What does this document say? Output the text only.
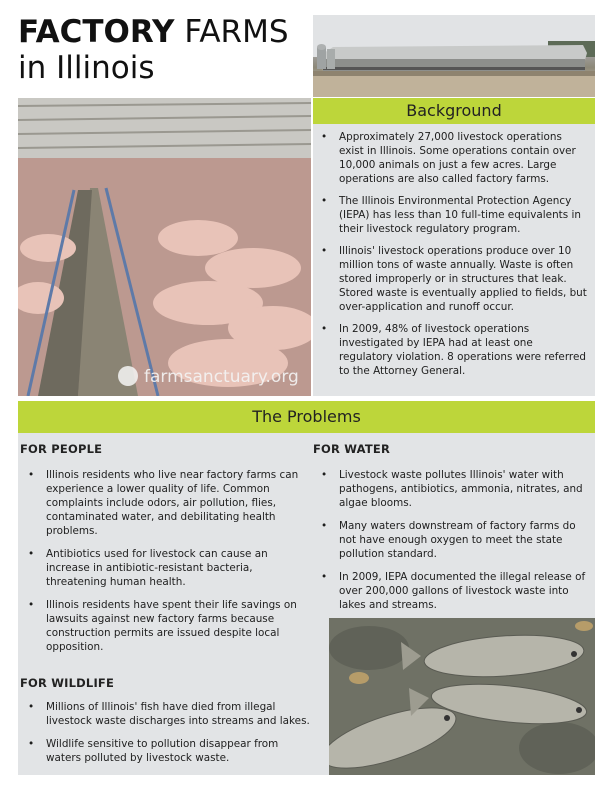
FACTORY FARMS
in Illinois
farmsanctuary.org
Background
• Approximately 27,000 livestock operations exist in Illinois. Some operations contain over 10,000 animals on just a few acres. Large operations are also called factory farms.
• The Illinois Environmental Protection Agency (IEPA) has less than 10 full-time equivalents in their livestock regulatory program.
• Illinois' livestock operations produce over 10 million tons of waste annually. Waste is often stored improperly or in structures that leak. Stored waste is eventually applied to fields, but over-application and runoff occur.
• In 2009, 48% of livestock operations investigated by IEPA had at least one regulatory violation. 8 operations were referred to the Attorney General.
The Problems
FOR PEOPLE
• Illinois residents who live near factory farms can experience a lower quality of life. Common complaints include odors, air pollution, flies, contaminated water, and debilitating health problems.
• Antibiotics used for livestock can cause an increase in antibiotic-resistant bacteria, threatening human health.
• Illinois residents have spent their life savings on lawsuits against new factory farms because construction permits are issued despite local opposition.
FOR WILDLIFE
• Millions of Illinois' fish have died from illegal livestock waste discharges into streams and lakes.
• Wildlife sensitive to pollution disappear from waters polluted by livestock waste.
FOR WATER
• Livestock waste pollutes Illinois' water with pathogens, antibiotics, ammonia, nitrates, and algae blooms.
• Many waters downstream of factory farms do not have enough oxygen to meet the state pollution standard.
• In 2009, IEPA documented the illegal release of over 200,000 gallons of livestock waste into lakes and streams.
